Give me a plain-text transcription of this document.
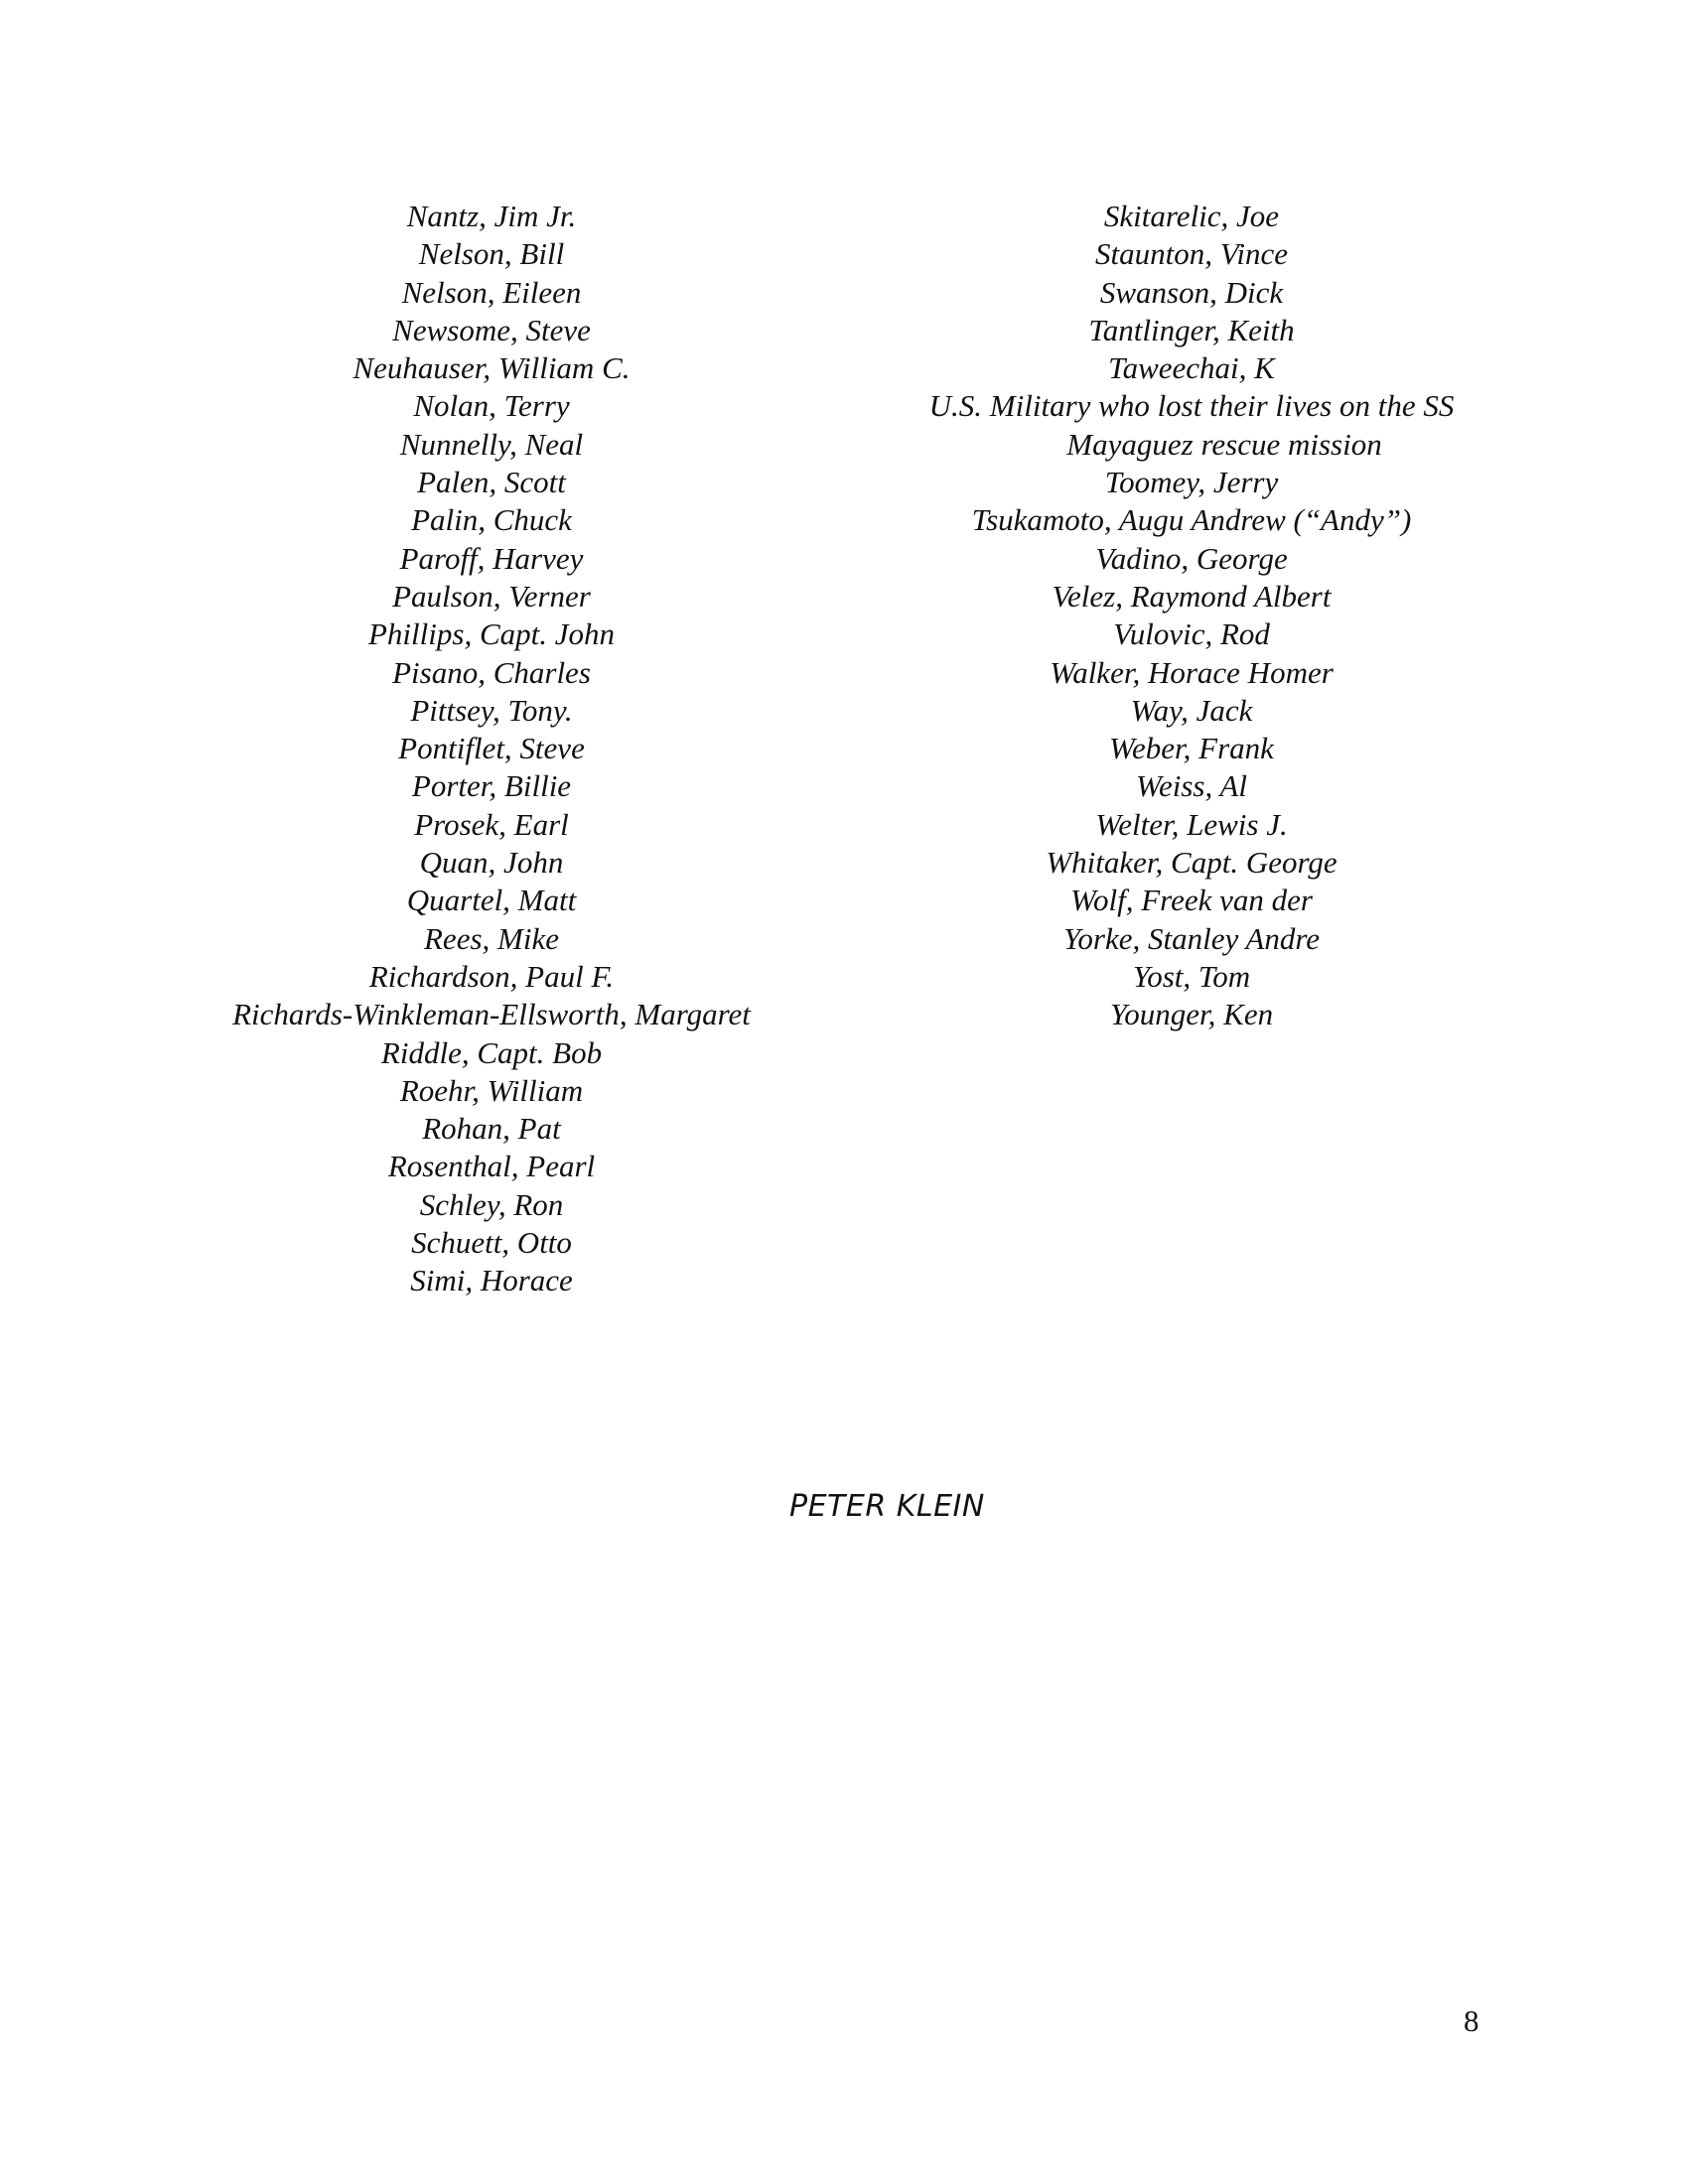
Nantz, Jim Jr.
Nelson, Bill
Nelson, Eileen
Newsome, Steve
Neuhauser, William C.
Nolan, Terry
Nunnelly, Neal
Palen, Scott
Palin, Chuck
Paroff, Harvey
Paulson, Verner
Phillips, Capt. John
Pisano, Charles
Pittsey, Tony.
Pontiflet, Steve
Porter, Billie
Prosek, Earl
Quan, John
Quartel, Matt
Rees, Mike
Richardson, Paul F.
Richards-Winkleman-Ellsworth, Margaret
Riddle, Capt. Bob
Roehr, William
Rohan, Pat
Rosenthal, Pearl
Schley, Ron
Schuett, Otto
Simi, Horace
Skitarelic, Joe
Staunton, Vince
Swanson, Dick
Tantlinger, Keith
Taweechai, K
U.S. Military who lost their lives on the SS
Mayaguez rescue mission
Toomey, Jerry
Tsukamoto, Augu Andrew (“Andy”)
Vadino, George
Velez, Raymond Albert
Vulovic, Rod
Walker, Horace Homer
Way, Jack
Weber, Frank
Weiss, Al
Welter, Lewis J.
Whitaker, Capt. George
Wolf, Freek van der
Yorke, Stanley Andre
Yost, Tom
Younger, Ken
PETER KLEIN
8
